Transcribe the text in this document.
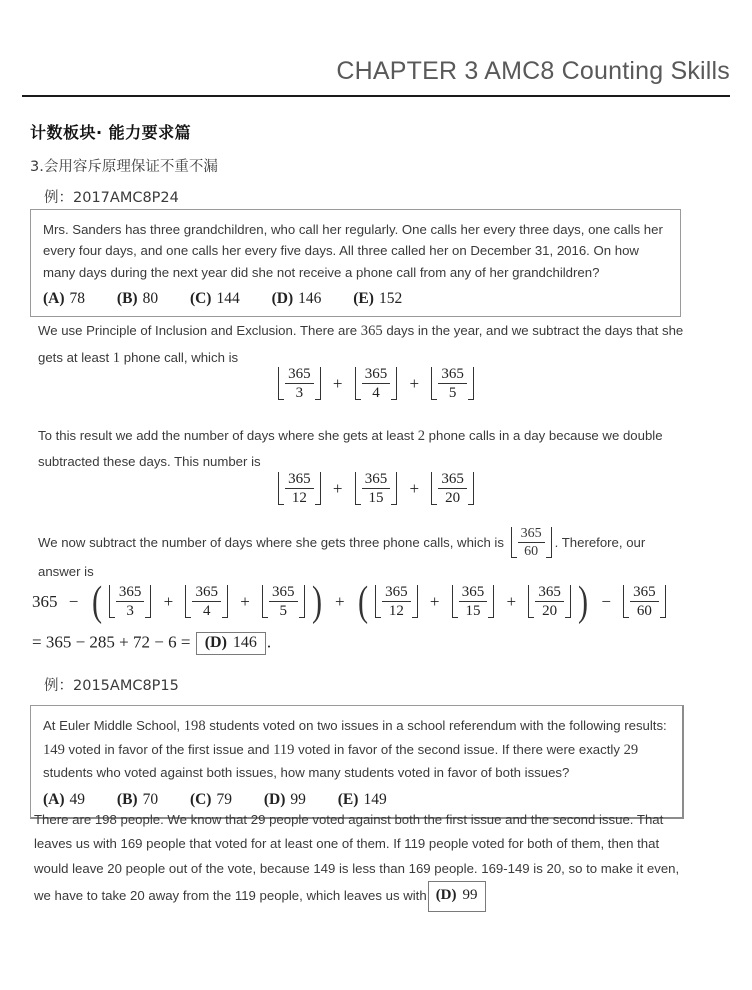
CHAPTER 3 AMC8 Counting Skills
计数板块· 能力要求篇
3.会用容斥原理保证不重不漏
例：2017AMC8P24
Mrs. Sanders has three grandchildren, who call her regularly. One calls her every three days, one calls her every four days, and one calls her every five days. All three called her on December 31, 2016. On how many days during the next year did she not receive a phone call from any of her grandchildren?
(A) 78 (B) 80 (C) 144 (D) 146 (E) 152
We use Principle of Inclusion and Exclusion. There are 365 days in the year, and we subtract the days that she gets at least 1 phone call, which is
$\frac{365}{3} + \frac{365}{4} + \frac{365}{5}$
To this result we add the number of days where she gets at least 2 phone calls in a day because we double subtracted these days. This number is
$\frac{365}{12} + \frac{365}{15} + \frac{365}{20}$
We now subtract the number of days where she gets three phone calls, which is $\frac{365}{60}$ . Therefore, our answer is
365 − ( $\frac{365}{3} + \frac{365}{4} + \frac{365}{5}$ ) + ( $\frac{365}{12} + \frac{365}{15} + \frac{365}{20}$ ) − $\frac{365}{60}$
= 365 − 285 + 72 − 6 = (D) 146 .
例：2015AMC8P15
At Euler Middle School, 198 students voted on two issues in a school referendum with the following results: 149 voted in favor of the first issue and 119 voted in favor of the second issue. If there were exactly 29 students who voted against both issues, how many students voted in favor of both issues?
(A) 49 (B) 70 (C) 79 (D) 99 (E) 149
There are 198 people. We know that 29 people voted against both the first issue and the second issue. That leaves us with 169 people that voted for at least one of them. If 119 people voted for both of them, then that would leave 20 people out of the vote, because 149 is less than 169 people. 169-149 is 20, so to make it even, we have to take 20 away from the 119 people, which leaves us with (D) 99
